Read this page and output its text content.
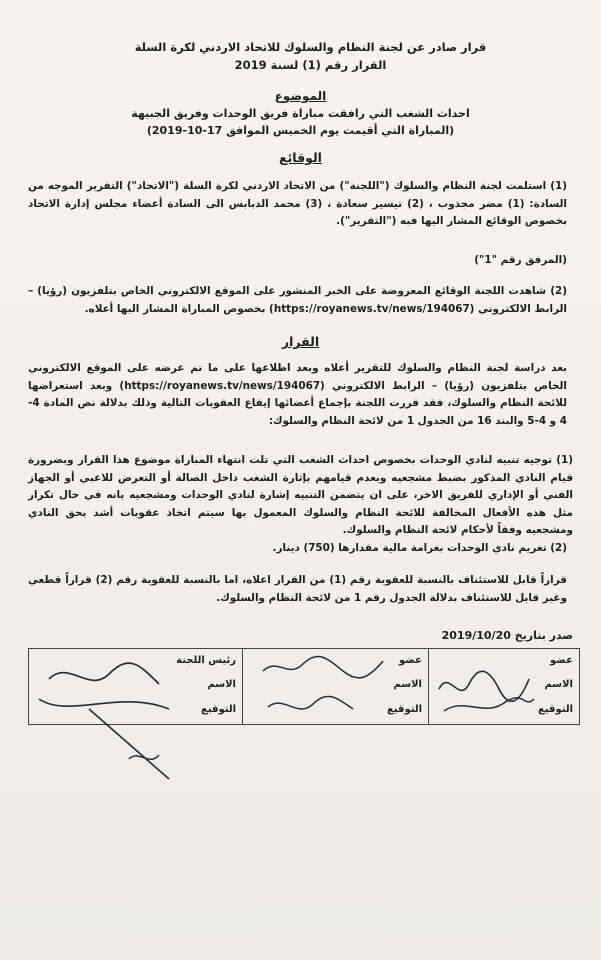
قرار صادر عن لجنة النظام والسلوك للاتحاد الاردني لكرة السلة
القرار رقم (1) لسنة 2019
الموضوع
احداث الشغب التي رافقت مباراة فريق الوحدات وفريق الجبيهة
(المباراة التي أقيمت يوم الخميس الموافق 17-10-2019)
الوقائع
(1) استلمت لجنة النظام والسلوك ("اللجنة") من الاتحاد الاردني لكرة السلة ("الاتحاد") التقرير الموجه من السادة: (1) مضر مجذوب ، (2) تيسير سعادة ، (3) محمد الدبابس الى السادة أعضاء مجلس إدارة الاتحاد بخصوص الوقائع المشار اليها فيه ("التقرير").
(المرفق رقم "1")
(2) شاهدت اللجنة الوقائع المعروضة على الخبر المنشور على الموقع الالكتروني الخاص بتلفزيون (رؤيا) – الرابط الالكتروني (https://royanews.tv/news/194067) بخصوص المباراة المشار اليها أعلاه.
القرار
بعد دراسة لجنة النظام والسلوك للتقرير أعلاه وبعد اطلاعها على ما تم عرضه على الموقع الالكتروني الخاص بتلفزيون (رؤيا) – الرابط الالكتروني (https://royanews.tv/news/194067) وبعد استعراضها للائحة النظام والسلوك، فقد قررت اللجنة بإجماع أعضائها إيقاع العقوبات التالية وذلك بدلالة نص المادة 4-4 و 4-5 والبند 16 من الجدول 1 من لائحة النظام والسلوك:
(1) توجيه تنبيه لنادي الوحدات بخصوص احداث الشغب التي تلت انتهاء المباراة موضوع هذا القرار وبضرورة قيام النادي المذكور بضبط مشجعيه وبعدم قيامهم بإثارة الشغب داخل الصالة أو التعرض للاعبي أو الجهاز الفني أو الإداري للفريق الاخر، على ان يتضمن التنبيه إشارة لنادي الوحدات ومشجعيه بانه في حال تكرار مثل هذه الأفعال المخالفة للائحة النظام والسلوك المعمول بها سيتم اتخاذ عقوبات أشد بحق النادي ومشجعيه وفقاً لأحكام لائحة النظام والسلوك.
(2) تغريم نادي الوحدات بغرامة مالية مقدارها (750) دينار.
قراراً قابل للاستئناف بالنسبة للعقوبة رقم (1) من القرار اعلاه، اما بالنسبة للعقوبة رقم (2) قراراً قطعي وغير قابل للاستئناف بدلالة الجدول رقم 1 من لائحة النظام والسلوك.
صدر بتاريخ 2019/10/20
عضو
الاسم
التوقيع
عضو
الاسم
التوقيع
رئيس اللجنة
الاسم
التوقيع
